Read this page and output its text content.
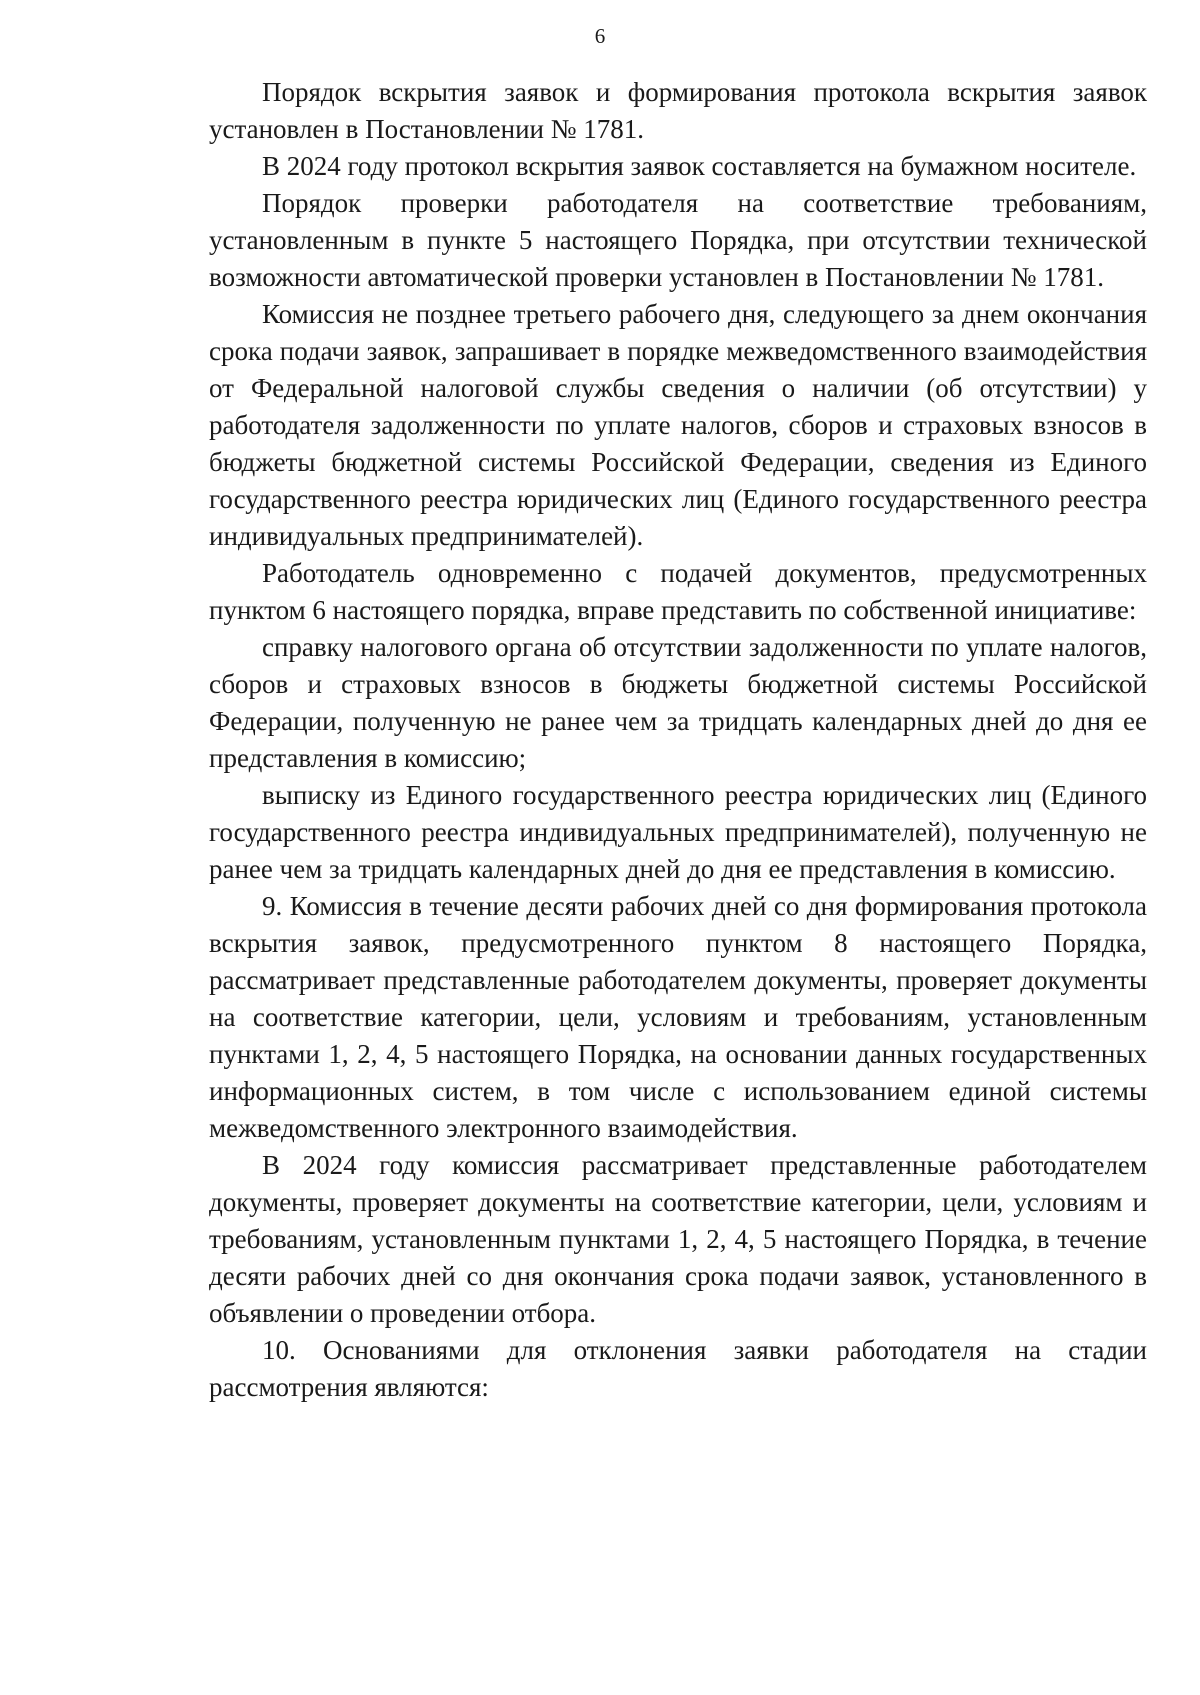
6

Порядок вскрытия заявок и формирования протокола вскрытия заявок установлен в Постановлении № 1781.

В 2024 году протокол вскрытия заявок составляется на бумажном носителе.

Порядок проверки работодателя на соответствие требованиям, установленным в пункте 5 настоящего Порядка, при отсутствии технической возможности автоматической проверки установлен в Постановлении № 1781.

Комиссия не позднее третьего рабочего дня, следующего за днем окончания срока подачи заявок, запрашивает в порядке межведомственного взаимодействия от Федеральной налоговой службы сведения о наличии (об отсутствии) у работодателя задолженности по уплате налогов, сборов и страховых взносов в бюджеты бюджетной системы Российской Федерации, сведения из Единого государственного реестра юридических лиц (Единого государственного реестра индивидуальных предпринимателей).

Работодатель одновременно с подачей документов, предусмотренных пунктом 6 настоящего порядка, вправе представить по собственной инициативе:

справку налогового органа об отсутствии задолженности по уплате налогов, сборов и страховых взносов в бюджеты бюджетной системы Российской Федерации, полученную не ранее чем за тридцать календарных дней до дня ее представления в комиссию;

выписку из Единого государственного реестра юридических лиц (Единого государственного реестра индивидуальных предпринимателей), полученную не ранее чем за тридцать календарных дней до дня ее представления в комиссию.

9. Комиссия в течение десяти рабочих дней со дня формирования протокола вскрытия заявок, предусмотренного пунктом 8 настоящего Порядка, рассматривает представленные работодателем документы, проверяет документы на соответствие категории, цели, условиям и требованиям, установленным пунктами 1, 2, 4, 5 настоящего Порядка, на основании данных государственных информационных систем, в том числе с использованием единой системы межведомственного электронного взаимодействия.

В 2024 году комиссия рассматривает представленные работодателем документы, проверяет документы на соответствие категории, цели, условиям и требованиям, установленным пунктами 1, 2, 4, 5 настоящего Порядка, в течение десяти рабочих дней со дня окончания срока подачи заявок, установленного в объявлении о проведении отбора.

10. Основаниями для отклонения заявки работодателя на стадии рассмотрения являются:
